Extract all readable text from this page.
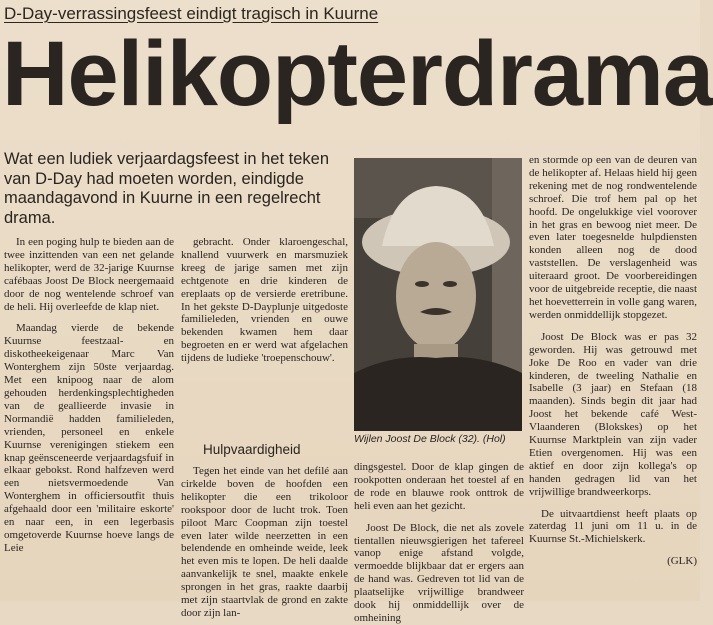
D-Day-verrassingsfeest eindigt tragisch in Kuurne
Helikopterdrama
Wat een ludiek verjaardagsfeest in het teken van D-Day had moeten worden, eindigde maandagavond in Kuurne in een regelrecht drama.

In een poging hulp te bieden aan de twee inzittenden van een net gelande helikopter, werd de 32-jarige Kuurnse cafébaas Joost De Block neergemaaid door de nog wentelende schroef van de heli. Hij overleefde de klap niet.

Maandag vierde de bekende Kuurnse feestzaal- en diskotheekeigenaar Marc Van Wonterghem zijn 50ste verjaardag. Met een knipoog naar de alom gehouden herdenkingsplechtigheden van de geallieerde invasie in Normandië hadden familieleden, vrienden, personeel en enkele Kuurnse verenigingen stiekem een knap geënsceneerde verjaardagsfuif in elkaar gebokst. Rond halfzeven werd een nietsvermoedende Van Wonterghem in officiersoutfit thuis afgehaald door een 'militaire eskorte' en naar een, in een legerbasis omgetoverde Kuurnse hoeve langs de Leie

gebracht. Onder klaroengeschal, knallend vuurwerk en marsmuziek kreeg de jarige samen met zijn echtgenote en drie kinderen de ereplaats op de versierde eretribune. In het gekste D-Dayplunje uitgedoste familieleden, vrienden en ouwe bekenden kwamen hem daar begroeten en er werd wat afgelachen tijdens de ludieke 'troepenschouw'.

Hulpvaardigheid

Tegen het einde van het defilé aan cirkelde boven de hoofden een helikopter die een trikoloor rookspoor door de lucht trok. Toen piloot Marc Coopman zijn toestel even later wilde neerzetten in een belendende en omheinde weide, leek het even mis te lopen. De heli daalde aanvankelijk te snel, maakte enkele sprongen in het gras, raakte daarbij met zijn staartvlak de grond en zakte door zijn lan-

Wijlen Joost De Block (32). (Hol)

dingsgestel. Door de klap gingen de rookpotten onderaan het toestel af en de rode en blauwe rook onttrok de heli even aan het gezicht.

Joost De Block, die net als zovele tientallen nieuwsgierigen het tafereel vanop enige afstand volgde, vermoedde blijkbaar dat er ergers aan de hand was. Gedreven tot lid van de plaatselijke vrijwillige brandweer dook hij onmiddellijk over de omheining

en stormde op een van de deuren van de helikopter af. Helaas hield hij geen rekening met de nog rondwentelende schroef. Die trof hem pal op het hoofd. De ongelukkige viel voorover in het gras en bewoog niet meer. De even later toegesnelde hulpdiensten konden alleen nog de dood vaststellen. De verslagenheid was uiteraard groot. De voorbereidingen voor de uitgebreide receptie, die naast het hoevetterrein in volle gang waren, werden onmiddellijk stopgezet.

Joost De Block was er pas 32 geworden. Hij was getrouwd met Joke De Roo en vader van drie kinderen, de tweeling Nathalie en Isabelle (3 jaar) en Stefaan (18 maanden). Sinds begin dit jaar had Joost het bekende café West-Vlaanderen (Blokskes) op het Kuurnse Marktplein van zijn vader Etien overgenomen. Hij was een aktief en door zijn kollega's op handen gedragen lid van het vrijwillige brandweerkorps.

De uitvaartdienst heeft plaats op zaterdag 11 juni om 11 u. in de Kuurnse St.-Michielskerk.

(GLK)
